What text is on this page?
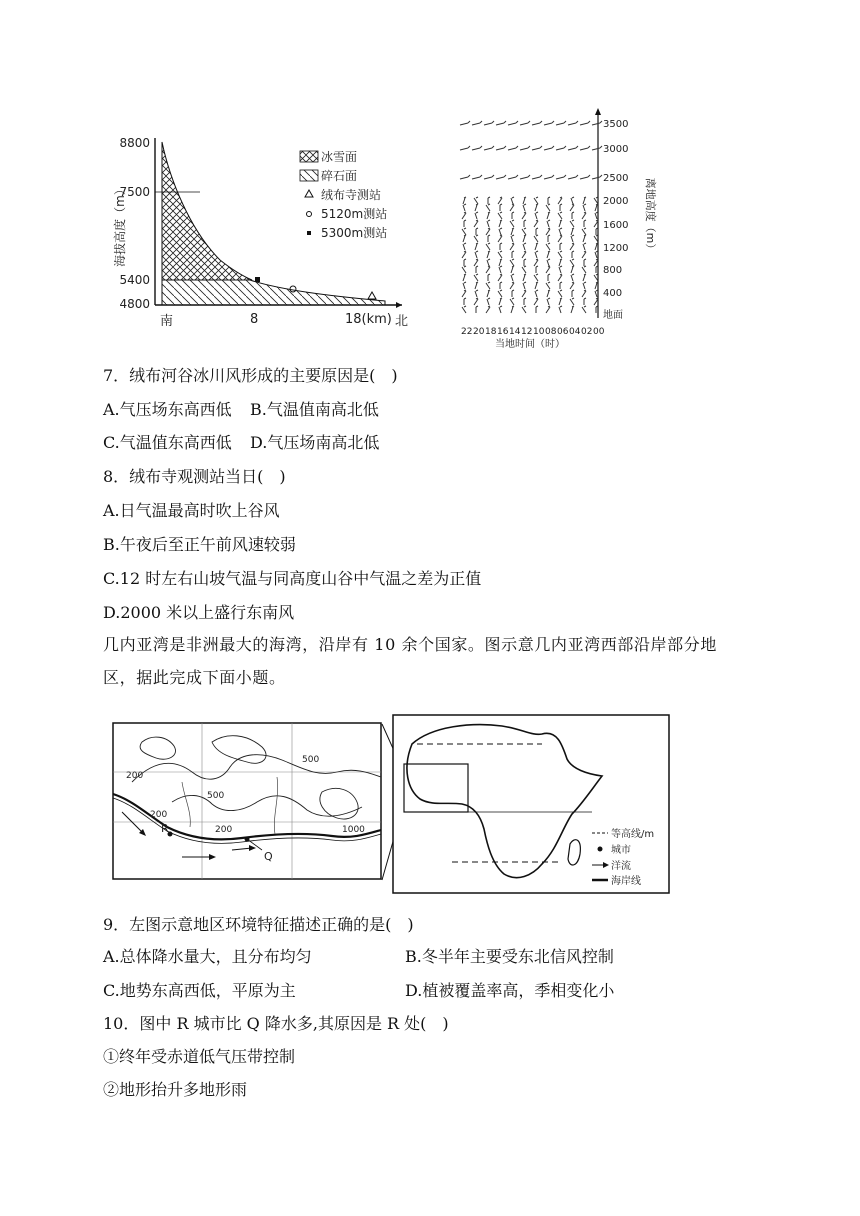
8800
7500
5400
4800
海拔高度（m）
南	8	18(km) 北
冰雪面
碎石面
绒布寺测站
5120m测站
5300m测站
3500
3000
2500
2000
1600
1200
800
400
地面
离地高度（m）
22 20 18 16 14 12 10 08 06 04 02 00
当地时间（时）
7．绒布河谷冰川风形成的主要原因是(　)
A.气压场东高西低 B.气温值南高北低
C.气温值东高西低 D.气压场南高北低
8．绒布寺观测站当日(　)
A.日气温最高时吹上谷风
B.午夜后至正午前风速较弱
C.12 时左右山坡气温与同高度山谷中气温之差为正值
D.2000 米以上盛行东南风
几内亚湾是非洲最大的海湾，沿岸有 10 余个国家。图示意几内亚湾西部沿岸部分地
区，据此完成下面小题。
200
200
200
500
500
1000
R
Q
等高线/m
城市
洋流
海岸线
9．左图示意地区环境特征描述正确的是(　)
A.总体降水量大，且分布均匀	B.冬半年主要受东北信风控制
C.地势东高西低，平原为主	D.植被覆盖率高，季相变化小
10．图中 R 城市比 Q 降水多,其原因是 R 处(　)
①终年受赤道低气压带控制
②地形抬升多地形雨
